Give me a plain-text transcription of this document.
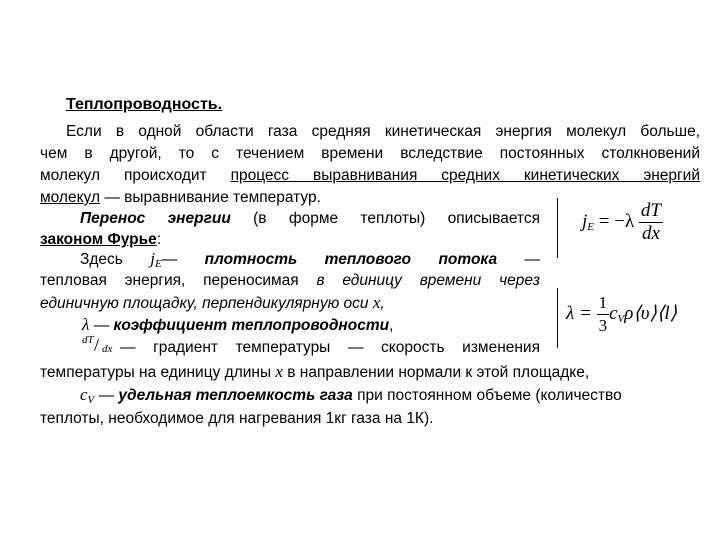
Теплопроводность.
Если в одной области газа средняя кинетическая энергия молекул больше,
чем в другой, то с течением времени вследствие постоянных столкновений
молекул происходит процесс выравнивания средних кинетических энергий
молекул — выравнивание температур.
Перенос энергии (в форме теплоты) описывается
законом Фурье:
Здесь $j_E—$ плотность теплового потока —
тепловая энергия, переносимая в единицу времени через
единичную площадку, перпендикулярную оси x,
λ — коэффициент теплопроводности,
dT / dx — градиент температуры — скорость изменения
температуры на единицу длины x в направлении нормали к этой площадке,
$c_V$ — удельная теплоемкость газа при постоянном объеме (количество
теплоты, необходимое для нагревания 1кг газа на 1К).
$j_E = -\lambda \frac{dT}{dx}$
$\lambda = \frac{1}{3}$ $c_V\rho⟨\upsilon⟩⟨l⟩$
